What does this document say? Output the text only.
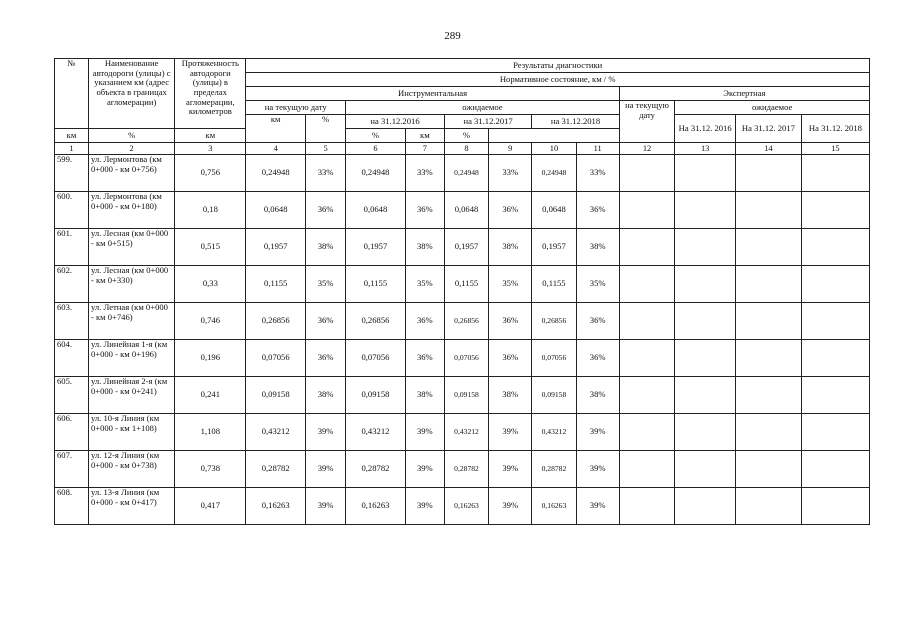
289
№	Наименование автодороги (улицы) с указанием км (адрес объекта в границах агломерации)	Протяженность автодороги (улицы) в пределах агломерации, километров	Результаты диагностики											
			Нормативное состояние, км / %											
			Инструментальная								Экспертная			
			на текущую дату		ожидаемое						на текущую дату	ожидаемое		
			км	%	на 31.12.2016		на 31.12.2017		на 31.12.2018			На 31.12. 2016	На 31.12. 2017	На 31.12. 2018
км	%	км			%	км	%							
1	2	3	4	5	6	7	8	9	10	11	12	13	14	15
599.	ул. Лермонтова (км 0+000 - км 0+756)	0,756	0,24948	33%	0,24948	33%	0,24948	33%	0,24948	33%				
600.	ул. Лермонтова (км 0+000 - км 0+180)	0,18	0,0648	36%	0,0648	36%	0,0648	36%	0,0648	36%				
601.	ул. Лесная (км 0+000 - км 0+515)	0,515	0,1957	38%	0,1957	38%	0,1957	38%	0,1957	38%				
602.	ул. Лесная (км 0+000 - км 0+330)	0,33	0,1155	35%	0,1155	35%	0,1155	35%	0,1155	35%				
603.	ул. Летная (км 0+000 - км 0+746)	0,746	0,26856	36%	0,26856	36%	0,26856	36%	0,26856	36%				
604.	ул. Линейная 1-я (км 0+000 - км 0+196)	0,196	0,07056	36%	0,07056	36%	0,07056	36%	0,07056	36%				
605.	ул. Линейная 2-я (км 0+000 - км 0+241)	0,241	0,09158	38%	0,09158	38%	0,09158	38%	0,09158	38%				
606.	ул. 10-я Линия (км 0+000 - км 1+108)	1,108	0,43212	39%	0,43212	39%	0,43212	39%	0,43212	39%				
607.	ул. 12-я Линия (км 0+000 - км 0+738)	0,738	0,28782	39%	0,28782	39%	0,28782	39%	0,28782	39%				
608.	ул. 13-я Линия (км 0+000 - км 0+417)	0,417	0,16263	39%	0,16263	39%	0,16263	39%	0,16263	39%				
